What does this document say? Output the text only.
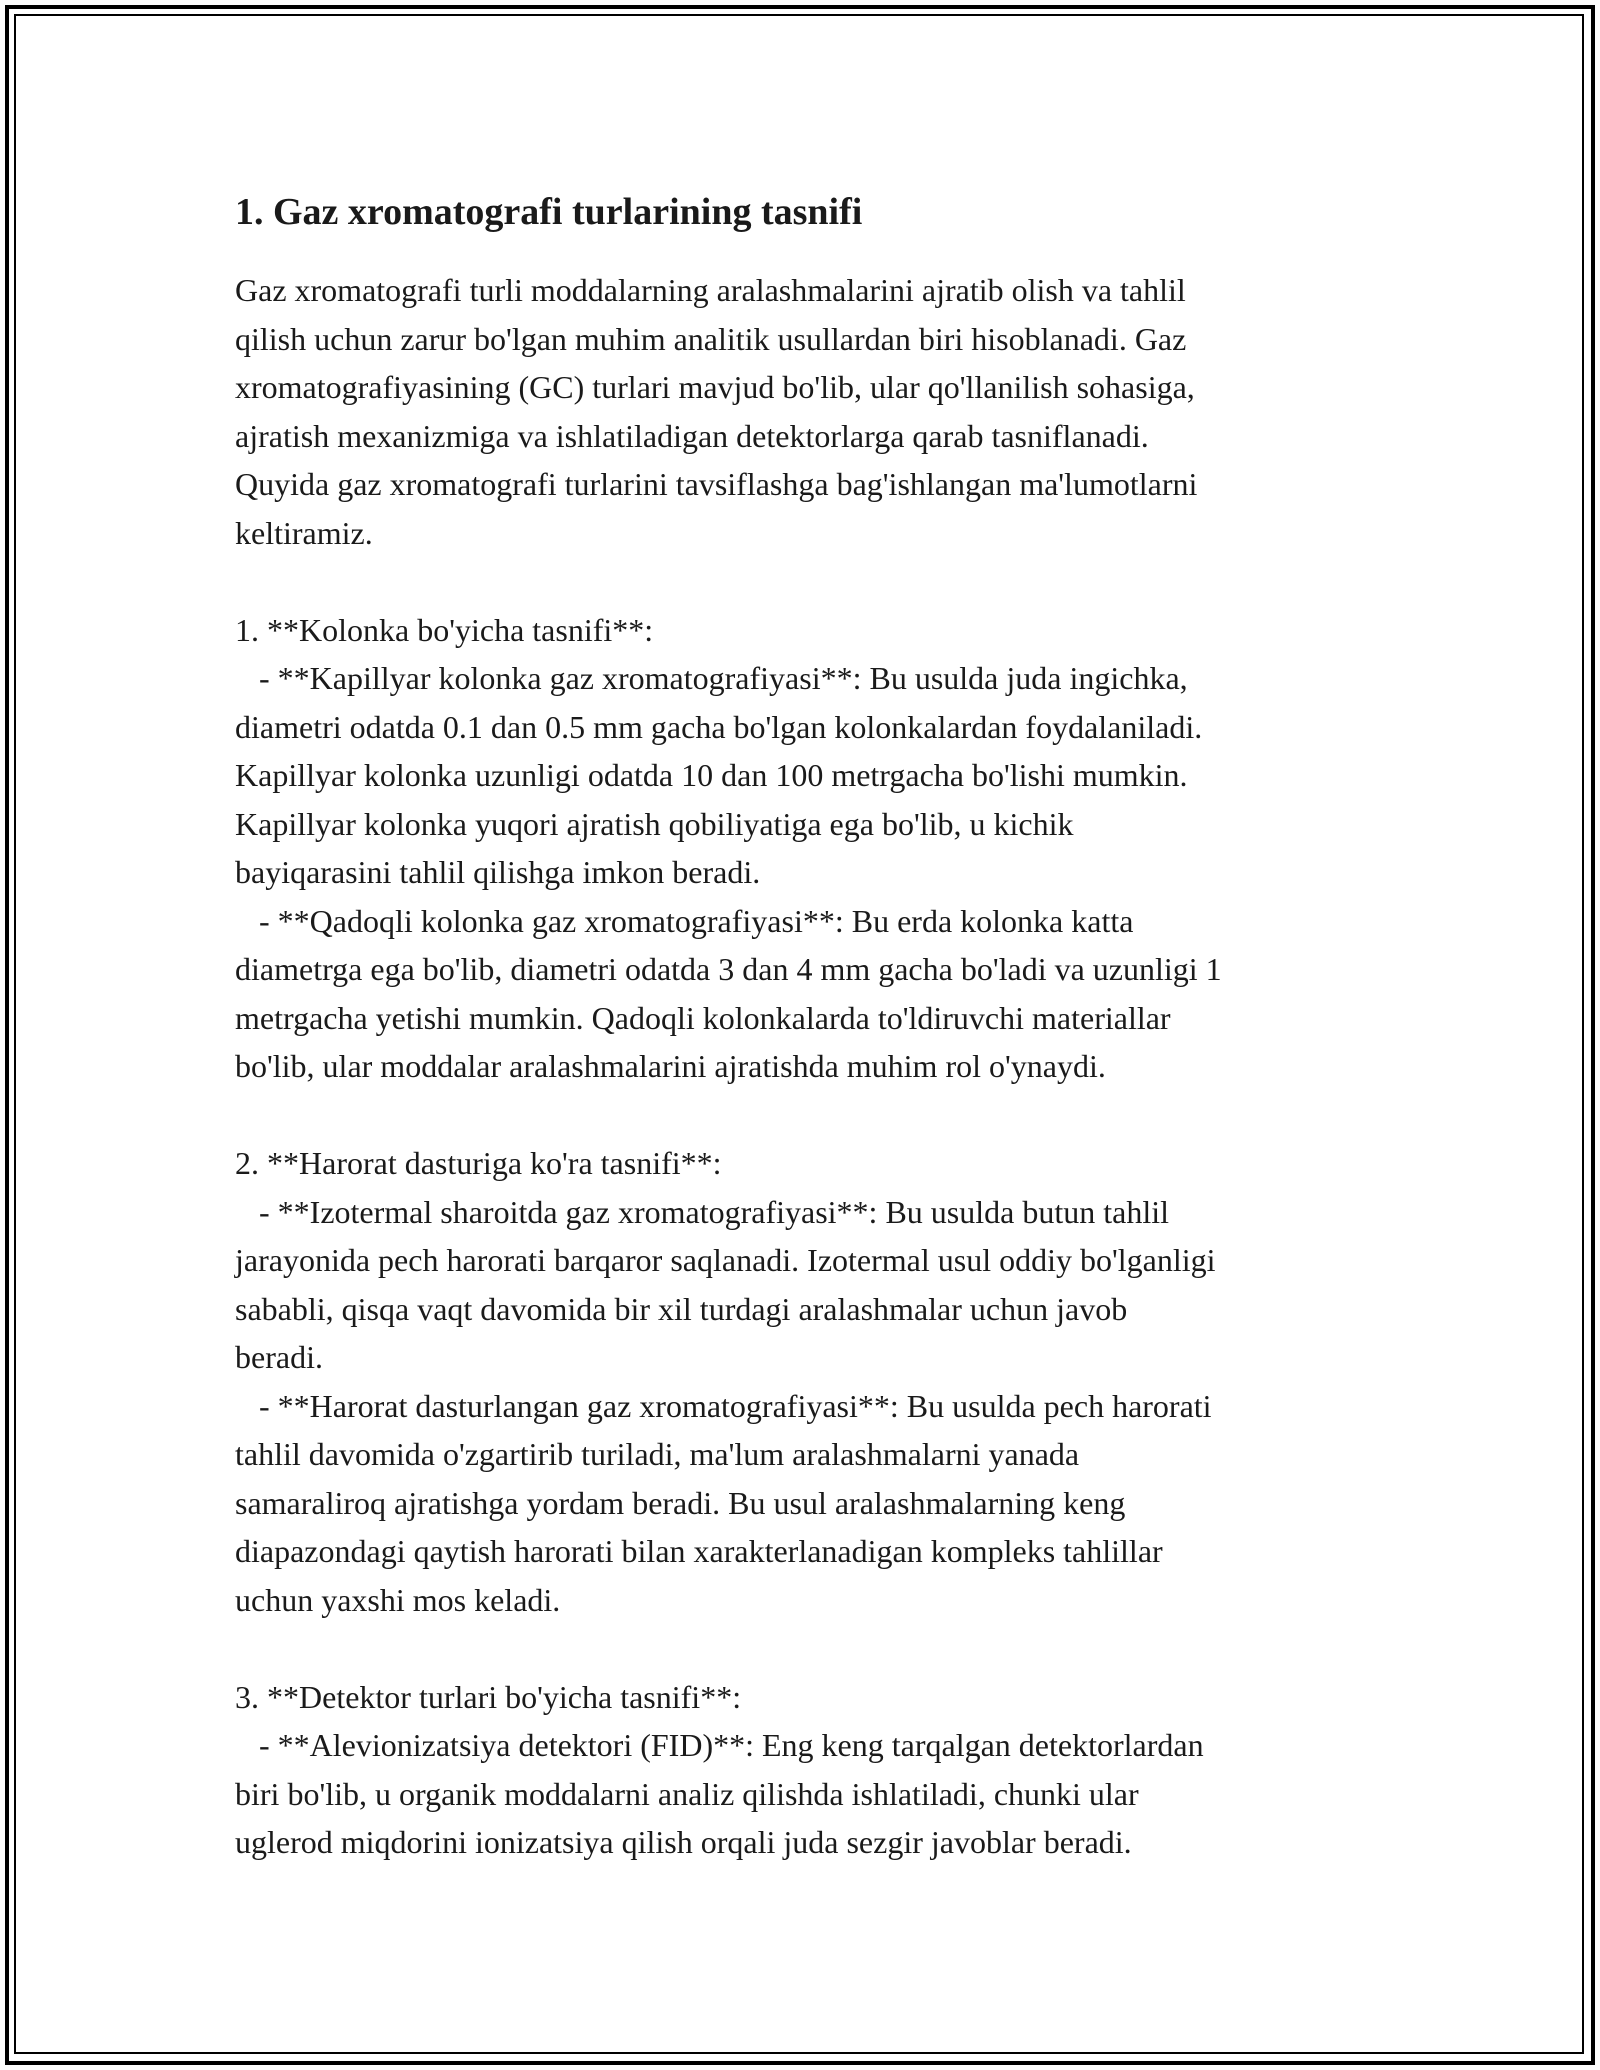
1. Gaz xromatografi turlarining tasnifi

Gaz xromatografi turli moddalarning aralashmalarini ajratib olish va tahlil
qilish uchun zarur bo'lgan muhim analitik usullardan biri hisoblanadi. Gaz
xromatografiyasining (GC) turlari mavjud bo'lib, ular qo'llanilish sohasiga,
ajratish mexanizmiga va ishlatiladigan detektorlarga qarab tasniflanadi.
Quyida gaz xromatografi turlarini tavsiflashga bag'ishlangan ma'lumotlarni
keltiramiz.

1. **Kolonka bo'yicha tasnifi**:
- **Kapillyar kolonka gaz xromatografiyasi**: Bu usulda juda ingichka,
diametri odatda 0.1 dan 0.5 mm gacha bo'lgan kolonkalardan foydalaniladi.
Kapillyar kolonka uzunligi odatda 10 dan 100 metrgacha bo'lishi mumkin.
Kapillyar kolonka yuqori ajratish qobiliyatiga ega bo'lib, u kichik
bayiqarasini tahlil qilishga imkon beradi.
- **Qadoqli kolonka gaz xromatografiyasi**: Bu erda kolonka katta
diametrga ega bo'lib, diametri odatda 3 dan 4 mm gacha bo'ladi va uzunligi 1
metrgacha yetishi mumkin. Qadoqli kolonkalarda to'ldiruvchi materiallar
bo'lib, ular moddalar aralashmalarini ajratishda muhim rol o'ynaydi.

2. **Harorat dasturiga ko'ra tasnifi**:
- **Izotermal sharoitda gaz xromatografiyasi**: Bu usulda butun tahlil
jarayonida pech harorati barqaror saqlanadi. Izotermal usul oddiy bo'lganligi
sababli, qisqa vaqt davomida bir xil turdagi aralashmalar uchun javob
beradi.
- **Harorat dasturlangan gaz xromatografiyasi**: Bu usulda pech harorati
tahlil davomida o'zgartirib turiladi, ma'lum aralashmalarni yanada
samaraliroq ajratishga yordam beradi. Bu usul aralashmalarning keng
diapazondagi qaytish harorati bilan xarakterlanadigan kompleks tahlillar
uchun yaxshi mos keladi.

3. **Detektor turlari bo'yicha tasnifi**:
- **Alevionizatsiya detektori (FID)**: Eng keng tarqalgan detektorlardan
biri bo'lib, u organik moddalarni analiz qilishda ishlatiladi, chunki ular
uglerod miqdorini ionizatsiya qilish orqali juda sezgir javoblar beradi.
